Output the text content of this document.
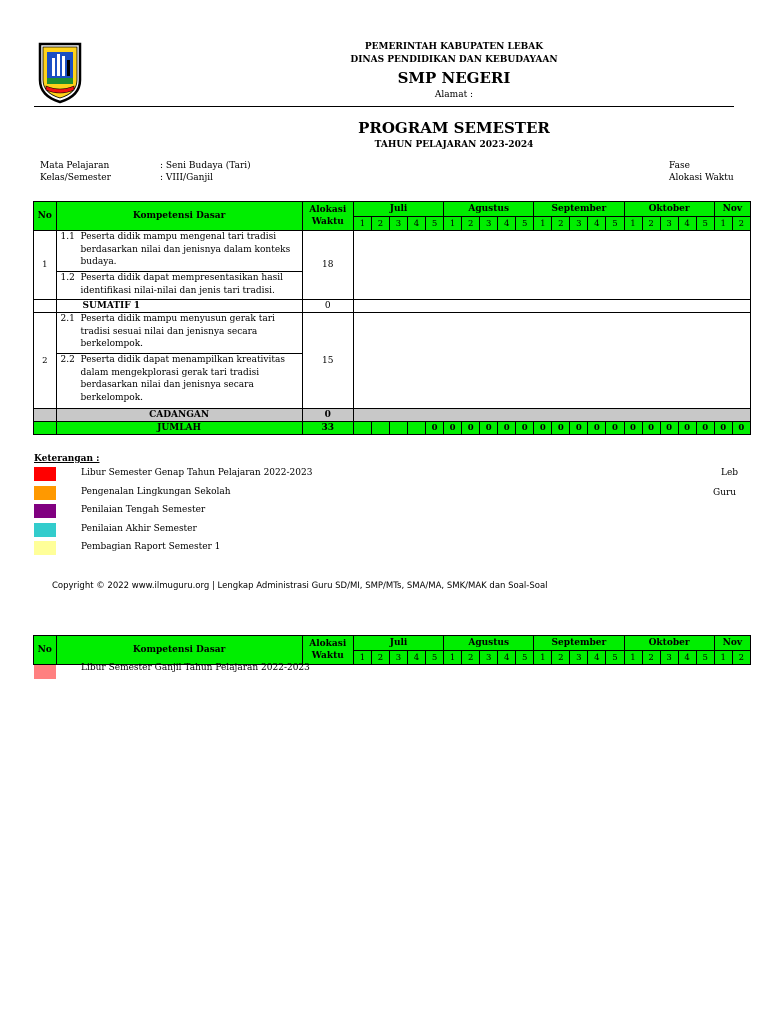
PEMERINTAH KABUPATEN LEBAK
DINAS PENDIDIKAN DAN KEBUDAYAAN
SMP NEGERI
Alamat :
PROGRAM SEMESTER
TAHUN PELAJARAN 2023-2024
Mata Pelajaran	: Seni Budaya (Tari)
Kelas/Semester	: VIII/Ganjil
Fase
Alokasi Waktu
No	Kompetensi Dasar	Alokasi
Waktu	Juli					Agustus					September					Oktober					Nov	
			1	2	3	4	5	1	2	3	4	5	1	2	3	4	5	1	2	3	4	5	1	2
1	1.1 Peserta didik mampu mengenal tari tradisi berdasarkan nilai dan jenisnya dalam konteks budaya.	18																						

	1.2 Peserta didik dapat mempresentasikan hasil identifikasi nilai-nilai dan jenis tari tradisi.																							
	SUMATIF 1	0																						

2	2.1 Peserta didik mampu menyusun gerak tari tradisi sesuai nilai dan jenisnya secara berkelompok.	15																						

	2.2 Peserta didik dapat menampilkan kreativitas dalam mengekplorasi gerak tari tradisi berdasarkan nilai dan jenisnya secara berkelompok.																							
	CADANGAN	0																						

	JUMLAH	33					0	0	0	0	0	0	0	0	0	0	0	0	0	0	0	0	0	0
No	Kompetensi Dasar	Alokasi
Waktu	Juli					Agustus					September					Oktober					Nov	
			1	2	3	4	5	1	2	3	4	5	1	2	3	4	5	1	2	3	4	5	1	2
Leb
Guru
Keterangan :
Libur Semester Genap Tahun Pelajaran 2022-2023
Pengenalan Lingkungan Sekolah
Penilaian Tengah Semester
Penilaian Akhir Semester
Pembagian Raport Semester 1
Copyright © 2022 www.ilmuguru.org | Lengkap Administrasi Guru SD/MI, SMP/MTs, SMA/MA, SMK/MAK dan Soal-Soal
Libur Semester Ganjil Tahun Pelajaran 2022-2023
